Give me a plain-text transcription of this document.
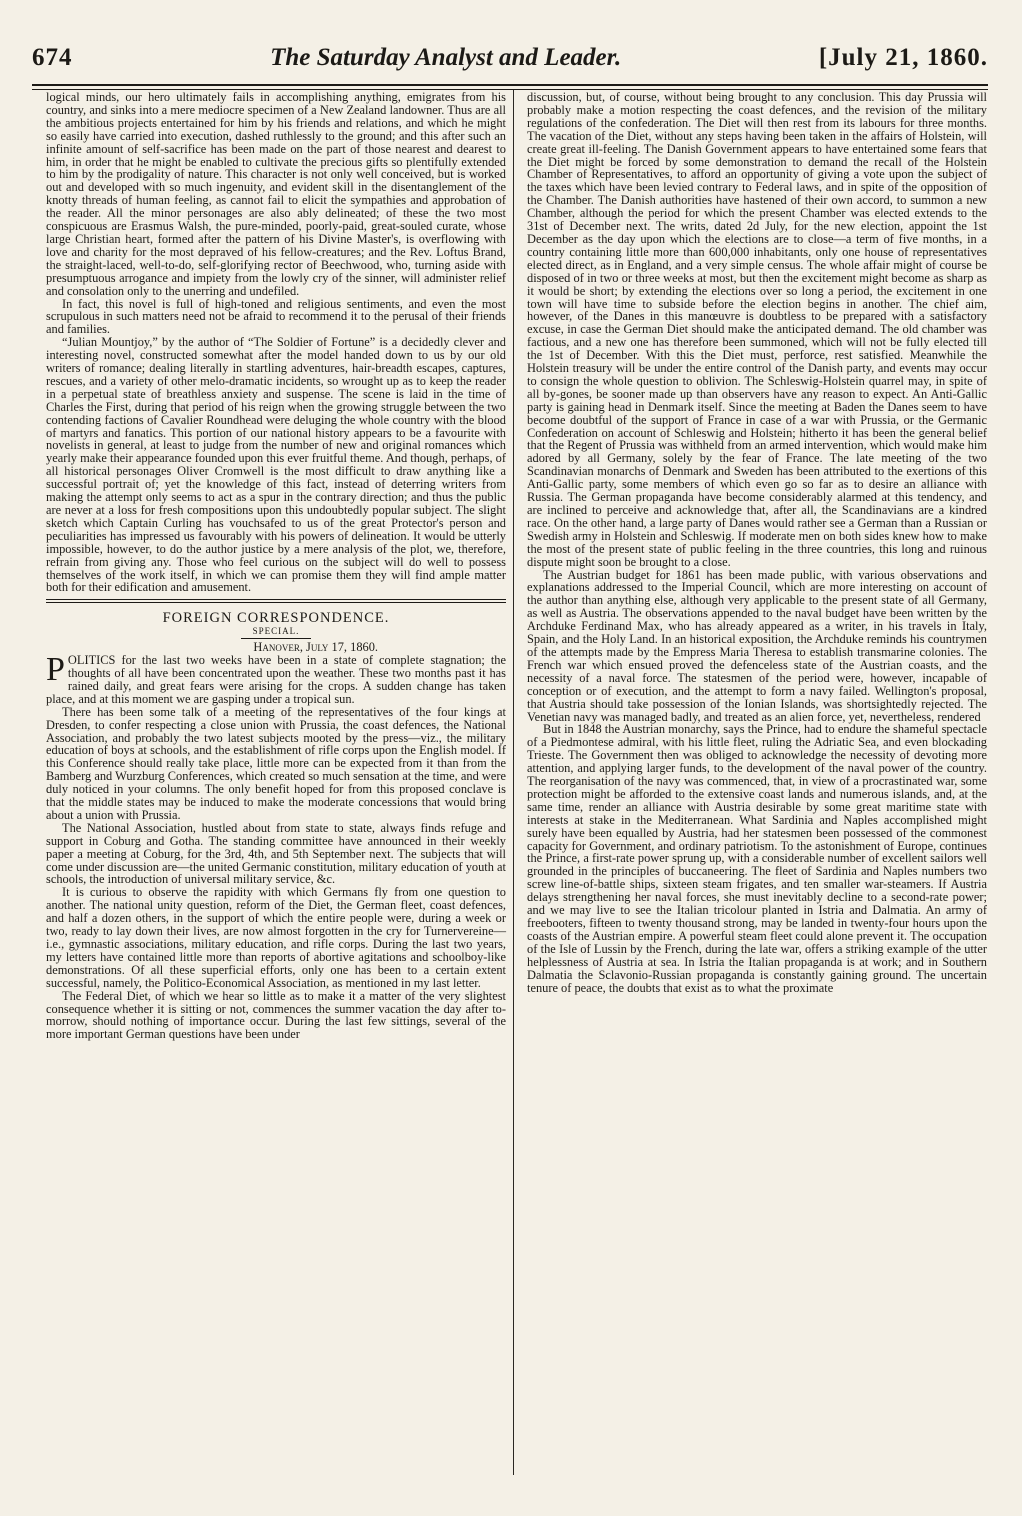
674	The Saturday Analyst and Leader.	[July 21, 1860.

logical minds, our hero ultimately fails in accomplishing anything, emigrates from his country, and sinks into a mere mediocre specimen of a New Zealand landowner. Thus are all the ambitious projects entertained for him by his friends and relations, and which he might so easily have carried into execution, dashed ruthlessly to the ground; and this after such an infinite amount of self-sacrifice has been made on the part of those nearest and dearest to him, in order that he might be enabled to cultivate the precious gifts so plentifully extended to him by the prodigality of nature. This character is not only well conceived, but is worked out and developed with so much ingenuity, and evident skill in the disentanglement of the knotty threads of human feeling, as cannot fail to elicit the sympathies and approbation of the reader. All the minor personages are also ably delineated; of these the two most conspicuous are Erasmus Walsh, the pure-minded, poorly-paid, great-souled curate, whose large Christian heart, formed after the pattern of his Divine Master's, is overflowing with love and charity for the most depraved of his fellow-creatures; and the Rev. Loftus Brand, the straight-laced, well-to-do, self-glorifying rector of Beechwood, who, turning aside with presumptuous arrogance and impiety from the lowly cry of the sinner, will administer relief and consolation only to the unerring and undefiled.

In fact, this novel is full of high-toned and religious sentiments, and even the most scrupulous in such matters need not be afraid to recommend it to the perusal of their friends and families.

“Julian Mountjoy,” by the author of “The Soldier of Fortune” is a decidedly clever and interesting novel, constructed somewhat after the model handed down to us by our old writers of romance; dealing literally in startling adventures, hair-breadth escapes, captures, rescues, and a variety of other melo-dramatic incidents, so wrought up as to keep the reader in a perpetual state of breathless anxiety and suspense. The scene is laid in the time of Charles the First, during that period of his reign when the growing struggle between the two contending factions of Cavalier Roundhead were deluging the whole country with the blood of martyrs and fanatics. This portion of our national history appears to be a favourite with novelists in general, at least to judge from the number of new and original romances which yearly make their appearance founded upon this ever fruitful theme. And though, perhaps, of all historical personages Oliver Cromwell is the most difficult to draw anything like a successful portrait of; yet the knowledge of this fact, instead of deterring writers from making the attempt only seems to act as a spur in the contrary direction; and thus the public are never at a loss for fresh compositions upon this undoubtedly popular subject. The slight sketch which Captain Curling has vouchsafed to us of the great Protector's person and peculiarities has impressed us favourably with his powers of delineation. It would be utterly impossible, however, to do the author justice by a mere analysis of the plot, we, therefore, refrain from giving any. Those who feel curious on the subject will do well to possess themselves of the work itself, in which we can promise them they will find ample matter both for their edification and amusement.

FOREIGN CORRESPONDENCE.
SPECIAL.
Hanover, July 17, 1860.

POLITICS for the last two weeks have been in a state of complete stagnation; the thoughts of all have been concentrated upon the weather. These two months past it has rained daily, and great fears were arising for the crops. A sudden change has taken place, and at this moment we are gasping under a tropical sun.

There has been some talk of a meeting of the representatives of the four kings at Dresden, to confer respecting a close union with Prussia, the coast defences, the National Association, and probably the two latest subjects mooted by the press—viz., the military education of boys at schools, and the establishment of rifle corps upon the English model. If this Conference should really take place, little more can be expected from it than from the Bamberg and Wurzburg Conferences, which created so much sensation at the time, and were duly noticed in your columns. The only benefit hoped for from this proposed conclave is that the middle states may be induced to make the moderate concessions that would bring about a union with Prussia.

The National Association, hustled about from state to state, always finds refuge and support in Coburg and Gotha. The standing committee have announced in their weekly paper a meeting at Coburg, for the 3rd, 4th, and 5th September next. The subjects that will come under discussion are—the united Germanic constitution, military education of youth at schools, the introduction of universal military service, &c.

It is curious to observe the rapidity with which Germans fly from one question to another. The national unity question, reform of the Diet, the German fleet, coast defences, and half a dozen others, in the support of which the entire people were, during a week or two, ready to lay down their lives, are now almost forgotten in the cry for Turnervereine—i.e., gymnastic associations, military education, and rifle corps. During the last two years, my letters have contained little more than reports of abortive agitations and schoolboy-like demonstrations. Of all these superficial efforts, only one has been to a certain extent successful, namely, the Politico-Economical Association, as mentioned in my last letter.

The Federal Diet, of which we hear so little as to make it a matter of the very slightest consequence whether it is sitting or not, commences the summer vacation the day after to-morrow, should nothing of importance occur. During the last few sittings, several of the more important German questions have been under

discussion, but, of course, without being brought to any conclusion. This day Prussia will probably make a motion respecting the coast defences, and the revision of the military regulations of the confederation. The Diet will then rest from its labours for three months. The vacation of the Diet, without any steps having been taken in the affairs of Holstein, will create great ill-feeling. The Danish Government appears to have entertained some fears that the Diet might be forced by some demonstration to demand the recall of the Holstein Chamber of Representatives, to afford an opportunity of giving a vote upon the subject of the taxes which have been levied contrary to Federal laws, and in spite of the opposition of the Chamber. The Danish authorities have hastened of their own accord, to summon a new Chamber, although the period for which the present Chamber was elected extends to the 31st of December next. The writs, dated 2d July, for the new election, appoint the 1st December as the day upon which the elections are to close—a term of five months, in a country containing little more than 600,000 inhabitants, only one house of representatives elected direct, as in England, and a very simple census. The whole affair might of course be disposed of in two or three weeks at most, but then the excitement might become as sharp as it would be short; by extending the elections over so long a period, the excitement in one town will have time to subside before the election begins in another. The chief aim, however, of the Danes in this manœuvre is doubtless to be prepared with a satisfactory excuse, in case the German Diet should make the anticipated demand. The old chamber was factious, and a new one has therefore been summoned, which will not be fully elected till the 1st of December. With this the Diet must, perforce, rest satisfied. Meanwhile the Holstein treasury will be under the entire control of the Danish party, and events may occur to consign the whole question to oblivion. The Schleswig-Holstein quarrel may, in spite of all by-gones, be sooner made up than observers have any reason to expect. An Anti-Gallic party is gaining head in Denmark itself. Since the meeting at Baden the Danes seem to have become doubtful of the support of France in case of a war with Prussia, or the Germanic Confederation on account of Schleswig and Holstein; hitherto it has been the general belief that the Regent of Prussia was withheld from an armed intervention, which would make him adored by all Germany, solely by the fear of France. The late meeting of the two Scandinavian monarchs of Denmark and Sweden has been attributed to the exertions of this Anti-Gallic party, some members of which even go so far as to desire an alliance with Russia. The German propaganda have become considerably alarmed at this tendency, and are inclined to perceive and acknowledge that, after all, the Scandinavians are a kindred race. On the other hand, a large party of Danes would rather see a German than a Russian or Swedish army in Holstein and Schleswig. If moderate men on both sides knew how to make the most of the present state of public feeling in the three countries, this long and ruinous dispute might soon be brought to a close.

The Austrian budget for 1861 has been made public, with various observations and explanations addressed to the Imperial Council, which are more interesting on account of the author than anything else, although very applicable to the present state of all Germany, as well as Austria. The observations appended to the naval budget have been written by the Archduke Ferdinand Max, who has already appeared as a writer, in his travels in Italy, Spain, and the Holy Land. In an historical exposition, the Archduke reminds his countrymen of the attempts made by the Empress Maria Theresa to establish transmarine colonies. The French war which ensued proved the defenceless state of the Austrian coasts, and the necessity of a naval force. The statesmen of the period were, however, incapable of conception or of execution, and the attempt to form a navy failed. Wellington's proposal, that Austria should take possession of the Ionian Islands, was shortsightedly rejected. The Venetian navy was managed badly, and treated as an alien force, yet, nevertheless, rendered

But in 1848 the Austrian monarchy, says the Prince, had to endure the shameful spectacle of a Piedmontese admiral, with his little fleet, ruling the Adriatic Sea, and even blockading Trieste. The Government then was obliged to acknowledge the necessity of devoting more attention, and applying larger funds, to the development of the naval power of the country. The reorganisation of the navy was commenced, that, in view of a procrastinated war, some protection might be afforded to the extensive coast lands and numerous islands, and, at the same time, render an alliance with Austria desirable by some great maritime state with interests at stake in the Mediterranean. What Sardinia and Naples accomplished might surely have been equalled by Austria, had her statesmen been possessed of the commonest capacity for Government, and ordinary patriotism. To the astonishment of Europe, continues the Prince, a first-rate power sprung up, with a considerable number of excellent sailors well grounded in the principles of buccaneering. The fleet of Sardinia and Naples numbers two screw line-of-battle ships, sixteen steam frigates, and ten smaller war-steamers. If Austria delays strengthening her naval forces, she must inevitably decline to a second-rate power; and we may live to see the Italian tricolour planted in Istria and Dalmatia. An army of freebooters, fifteen to twenty thousand strong, may be landed in twenty-four hours upon the coasts of the Austrian empire. A powerful steam fleet could alone prevent it. The occupation of the Isle of Lussin by the French, during the late war, offers a striking example of the utter helplessness of Austria at sea. In Istria the Italian propaganda is at work; and in Southern Dalmatia the Sclavonio-Russian propaganda is constantly gaining ground. The uncertain tenure of peace, the doubts that exist as to what the proximate
